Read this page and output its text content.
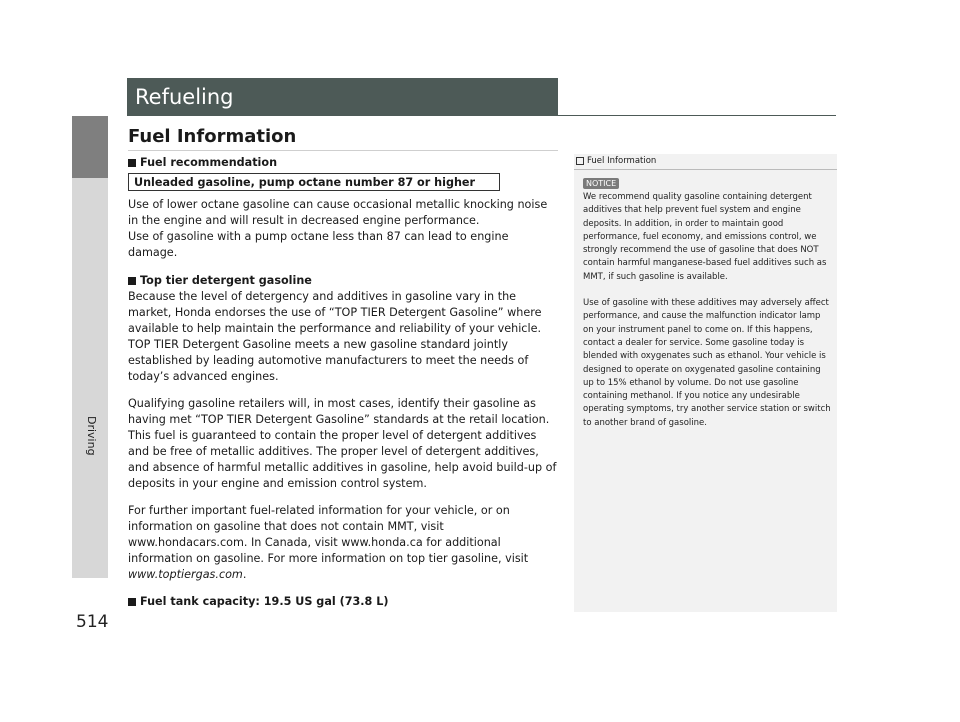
Driving
514
Refueling
Fuel Information
Fuel recommendation
Unleaded gasoline, pump octane number 87 or higher

Use of lower octane gasoline can cause occasional metallic knocking noise in the engine and will result in decreased engine performance.

Use of gasoline with a pump octane less than 87 can lead to engine damage.

Top tier detergent gasoline

Because the level of detergency and additives in gasoline vary in the market, Honda endorses the use of “TOP TIER Detergent Gasoline” where available to help maintain the performance and reliability of your vehicle. TOP TIER Detergent Gasoline meets a new gasoline standard jointly established by leading automotive manufacturers to meet the needs of today’s advanced engines.

Qualifying gasoline retailers will, in most cases, identify their gasoline as having met “TOP TIER Detergent Gasoline” standards at the retail location. This fuel is guaranteed to contain the proper level of detergent additives and be free of metallic additives. The proper level of detergent additives, and absence of harmful metallic additives in gasoline, help avoid build-up of deposits in your engine and emission control system.

For further important fuel-related information for your vehicle, or on information on gasoline that does not contain MMT, visit www.hondacars.com. In Canada, visit www.honda.ca for additional information on gasoline. For more information on top tier gasoline, visit www.toptiergas.com.

Fuel tank capacity: 19.5 US gal (73.8 L)
Fuel Information
NOTICE

We recommend quality gasoline containing detergent additives that help prevent fuel system and engine deposits. In addition, in order to maintain good performance, fuel economy, and emissions control, we strongly recommend the use of gasoline that does NOT contain harmful manganese-based fuel additives such as MMT, if such gasoline is available.

Use of gasoline with these additives may adversely affect performance, and cause the malfunction indicator lamp on your instrument panel to come on. If this happens, contact a dealer for service. Some gasoline today is blended with oxygenates such as ethanol. Your vehicle is designed to operate on oxygenated gasoline containing up to 15% ethanol by volume. Do not use gasoline containing methanol. If you notice any undesirable operating symptoms, try another service station or switch to another brand of gasoline.
